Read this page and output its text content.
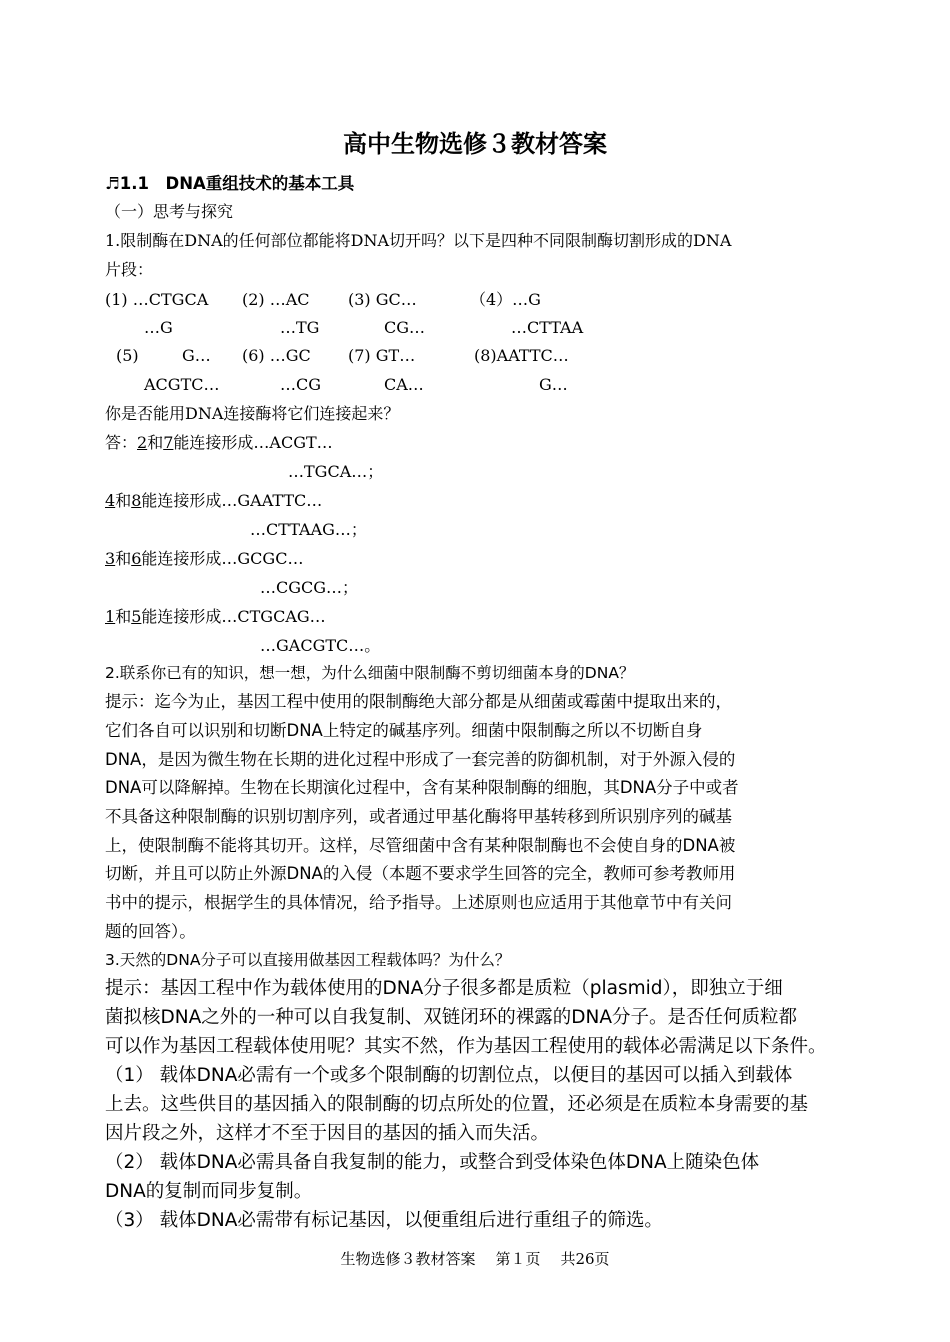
高中生物选修３教材答案
♬1.1　DNA重组技术的基本工具
（一）思考与探究
1.限制酶在DNA的任何部位都能将DNA切开吗？以下是四种不同限制酶切割形成的DNA
片段：
(1) …CTGCA
…G
(2) …AC
…TG
(3) GC…
CG…
（4）…G
…CTTAA
(5)	G…
ACGTC…
(6) …GC
…CG
(7) GT…
CA…
(8)AATTC…
G…
你是否能用DNA连接酶将它们连接起来？
答：2和7能连接形成…ACGT…
…TGCA…；
4和8能连接形成…GAATTC…
…CTTAAG…；
3和6能连接形成…GCGC…
…CGCG…；
1和5能连接形成…CTGCAG…
…GACGTC…。
2.联系你已有的知识，想一想，为什么细菌中限制酶不剪切细菌本身的DNA？
提示：迄今为止，基因工程中使用的限制酶绝大部分都是从细菌或霉菌中提取出来的，
它们各自可以识别和切断DNA上特定的碱基序列。细菌中限制酶之所以不切断自身
DNA，是因为微生物在长期的进化过程中形成了一套完善的防御机制，对于外源入侵的
DNA可以降解掉。生物在长期演化过程中，含有某种限制酶的细胞，其DNA分子中或者
不具备这种限制酶的识别切割序列，或者通过甲基化酶将甲基转移到所识别序列的碱基
上，使限制酶不能将其切开。这样，尽管细菌中含有某种限制酶也不会使自身的DNA被
切断，并且可以防止外源DNA的入侵（本题不要求学生回答的完全，教师可参考教师用
书中的提示，根据学生的具体情况，给予指导。上述原则也应适用于其他章节中有关问
题的回答）。
3.天然的DNA分子可以直接用做基因工程载体吗？为什么？
提示：基因工程中作为载体使用的DNA分子很多都是质粒（plasmid），即独立于细
菌拟核DNA之外的一种可以自我复制、双链闭环的裸露的DNA分子。是否任何质粒都
可以作为基因工程载体使用呢？其实不然，作为基因工程使用的载体必需满足以下条件。
（1） 载体DNA必需有一个或多个限制酶的切割位点，以便目的基因可以插入到载体
上去。这些供目的基因插入的限制酶的切点所处的位置，还必须是在质粒本身需要的基
因片段之外，这样才不至于因目的基因的插入而失活。
（2） 载体DNA必需具备自我复制的能力，或整合到受体染色体DNA上随染色体
DNA的复制而同步复制。
（3） 载体DNA必需带有标记基因，以便重组后进行重组子的筛选。
生物选修３教材答案 第１页 共26页
